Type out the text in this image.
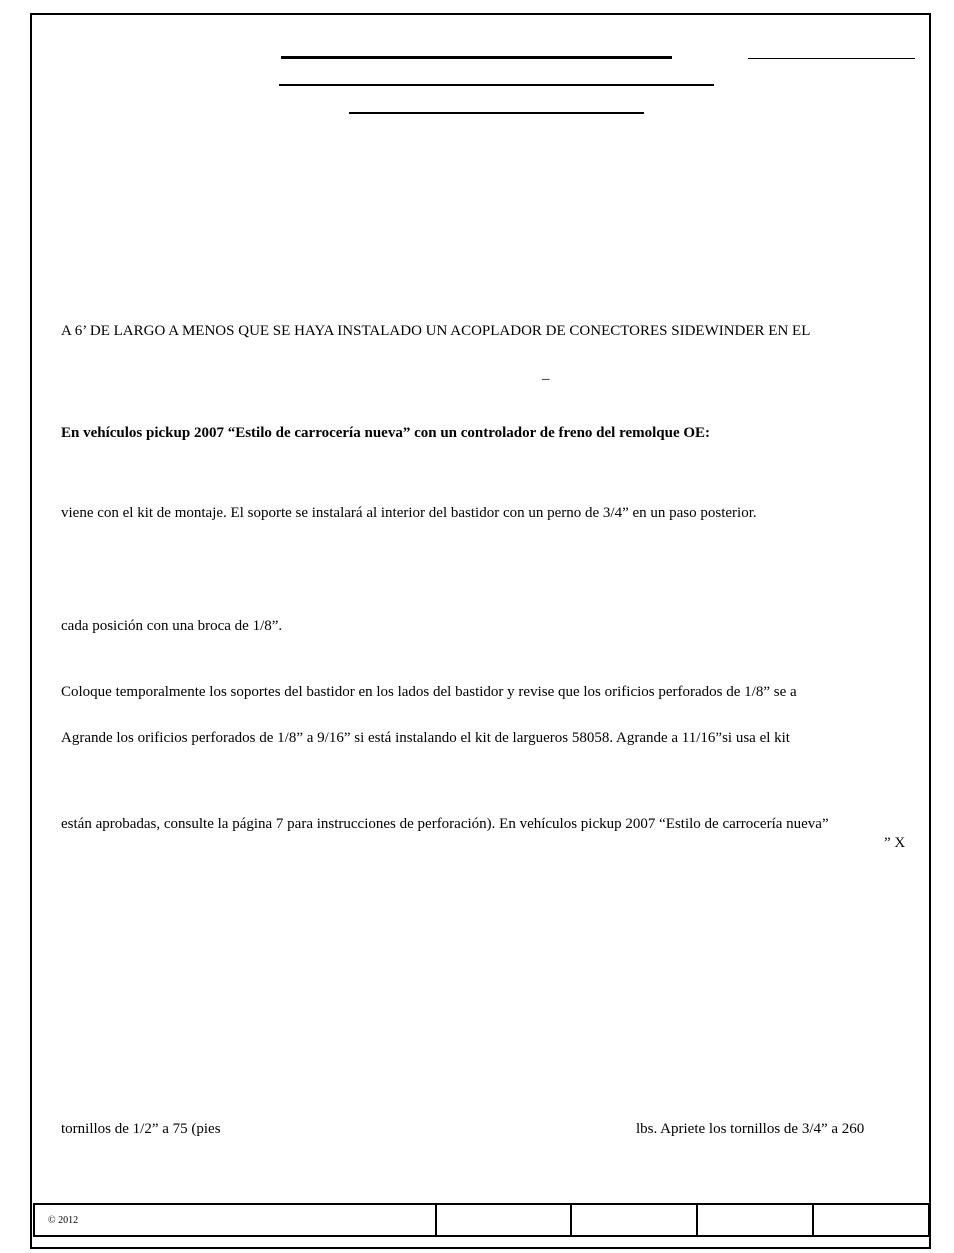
A 6’ DE LARGO A MENOS QUE SE HAYA INSTALADO UN ACOPLADOR DE CONECTORES SIDEWINDER EN EL
–
En vehículos pickup 2007 “Estilo de carrocería nueva” con un controlador de freno del remolque OE:
viene con el kit de montaje. El soporte se instalará al interior del bastidor con un perno de 3/4” en un paso posterior.
cada posición con una broca de 1/8”.
Coloque temporalmente los soportes del bastidor en los lados del bastidor y revise que los orificios perforados de 1/8” se a
Agrande los orificios perforados de 1/8” a 9/16” si está instalando el kit de largueros 58058. Agrande a 11/16”si usa el kit
están aprobadas, consulte la página 7 para instrucciones de perforación). En vehículos pickup 2007 “Estilo de carrocería nueva”
” X
tornillos de 1/2” a 75 (pies	lbs. Apriete los tornillos de 3/4” a 260
© 2012
